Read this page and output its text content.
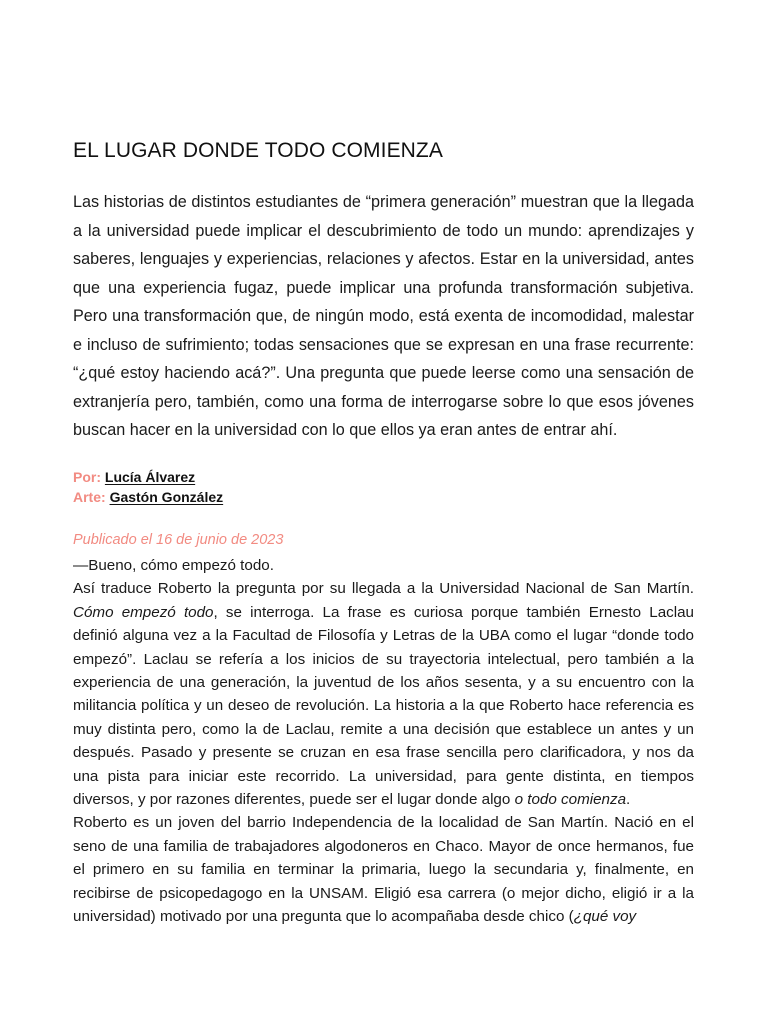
EL LUGAR DONDE TODO COMIENZA

Las historias de distintos estudiantes de “primera generación” muestran que la llegada a la universidad puede implicar el descubrimiento de todo un mundo: aprendizajes y saberes, lenguajes y experiencias, relaciones y afectos. Estar en la universidad, antes que una experiencia fugaz, puede implicar una profunda transformación subjetiva. Pero una transformación que, de ningún modo, está exenta de incomodidad, malestar e incluso de sufrimiento; todas sensaciones que se expresan en una frase recurrente: “¿qué estoy haciendo acá?”. Una pregunta que puede leerse como una sensación de extranjería pero, también, como una forma de interrogarse sobre lo que esos jóvenes buscan hacer en la universidad con lo que ellos ya eran antes de entrar ahí.

Por: Lucía Álvarez
Arte: Gastón González
Publicado el 16 de junio de 2023

—Bueno, cómo empezó todo.

Así traduce Roberto la pregunta por su llegada a la Universidad Nacional de San Martín. Cómo empezó todo, se interroga. La frase es curiosa porque también Ernesto Laclau definió alguna vez a la Facultad de Filosofía y Letras de la UBA como el lugar “donde todo empezó”. Laclau se refería a los inicios de su trayectoria intelectual, pero también a la experiencia de una generación, la juventud de los años sesenta, y a su encuentro con la militancia política y un deseo de revolución. La historia a la que Roberto hace referencia es muy distinta pero, como la de Laclau, remite a una decisión que establece un antes y un después. Pasado y presente se cruzan en esa frase sencilla pero clarificadora, y nos da una pista para iniciar este recorrido. La universidad, para gente distinta, en tiempos diversos, y por razones diferentes, puede ser el lugar donde algo o todo comienza.

Roberto es un joven del barrio Independencia de la localidad de San Martín. Nació en el seno de una familia de trabajadores algodoneros en Chaco. Mayor de once hermanos, fue el primero en su familia en terminar la primaria, luego la secundaria y, finalmente, en recibirse de psicopedagogo en la UNSAM. Eligió esa carrera (o mejor dicho, eligió ir a la universidad) motivado por una pregunta que lo acompañaba desde chico (¿qué voy
